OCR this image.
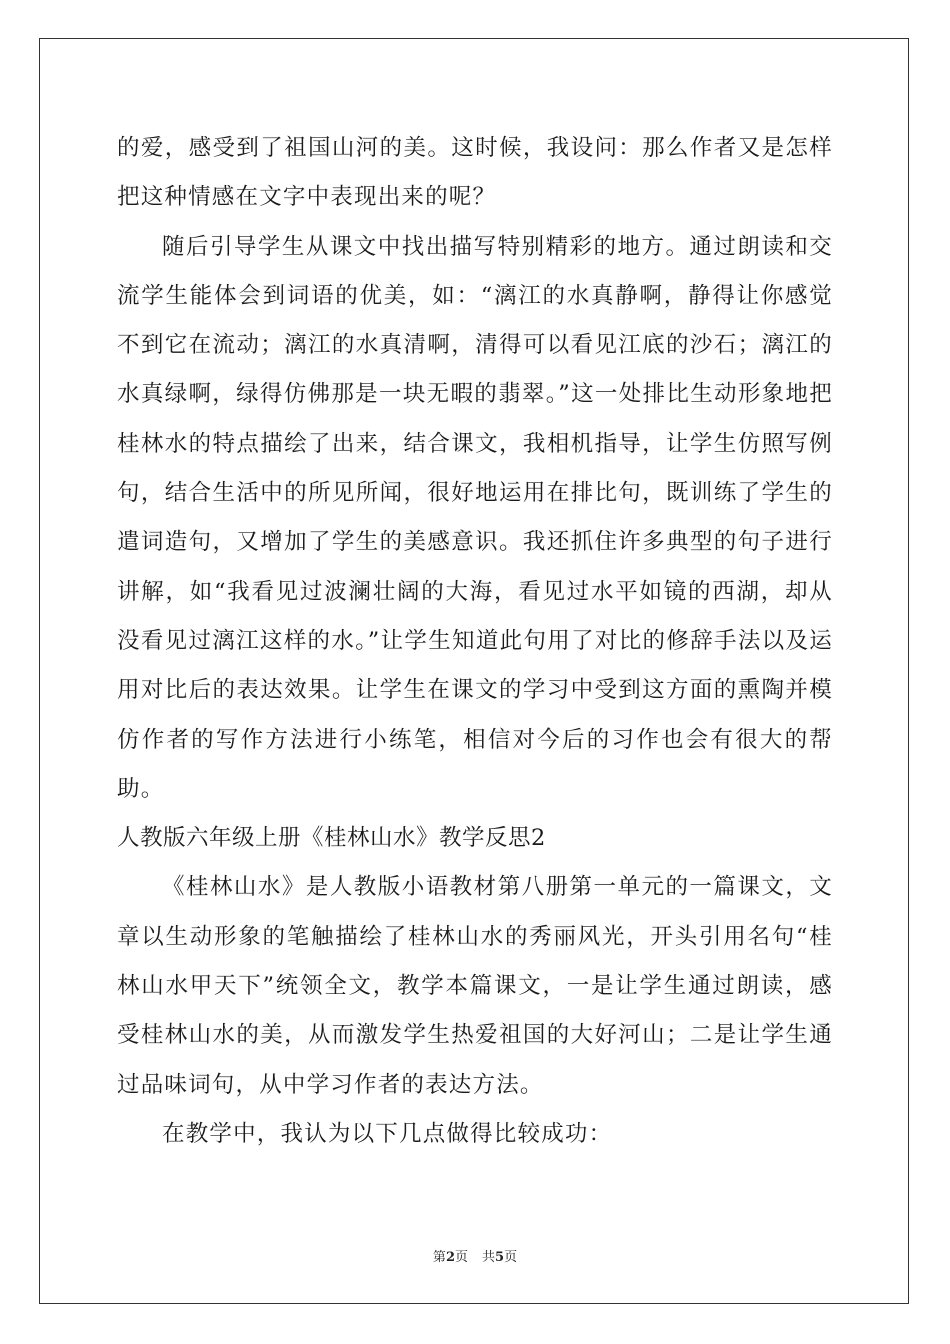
的爱，感受到了祖国山河的美。这时候，我设问：那么作者又是怎样把这种情感在文字中表现出来的呢？

随后引导学生从课文中找出描写特别精彩的地方。通过朗读和交流学生能体会到词语的优美，如：“漓江的水真静啊，静得让你感觉不到它在流动；漓江的水真清啊，清得可以看见江底的沙石；漓江的水真绿啊，绿得仿佛那是一块无暇的翡翠。”这一处排比生动形象地把桂林水的特点描绘了出来，结合课文，我相机指导，让学生仿照写例句，结合生活中的所见所闻，很好地运用在排比句，既训练了学生的遣词造句，又增加了学生的美感意识。我还抓住许多典型的句子进行讲解，如“我看见过波澜壮阔的大海，看见过水平如镜的西湖，却从没看见过漓江这样的水。”让学生知道此句用了对比的修辞手法以及运用对比后的表达效果。让学生在课文的学习中受到这方面的熏陶并模仿作者的写作方法进行小练笔，相信对今后的习作也会有很大的帮助。

人教版六年级上册《桂林山水》教学反思2

《桂林山水》是人教版小语教材第八册第一单元的一篇课文，文章以生动形象的笔触描绘了桂林山水的秀丽风光，开头引用名句“桂林山水甲天下”统领全文，教学本篇课文，一是让学生通过朗读，感受桂林山水的美，从而激发学生热爱祖国的大好河山；二是让学生通过品味词句，从中学习作者的表达方法。

在教学中，我认为以下几点做得比较成功：

第2页 共5页
